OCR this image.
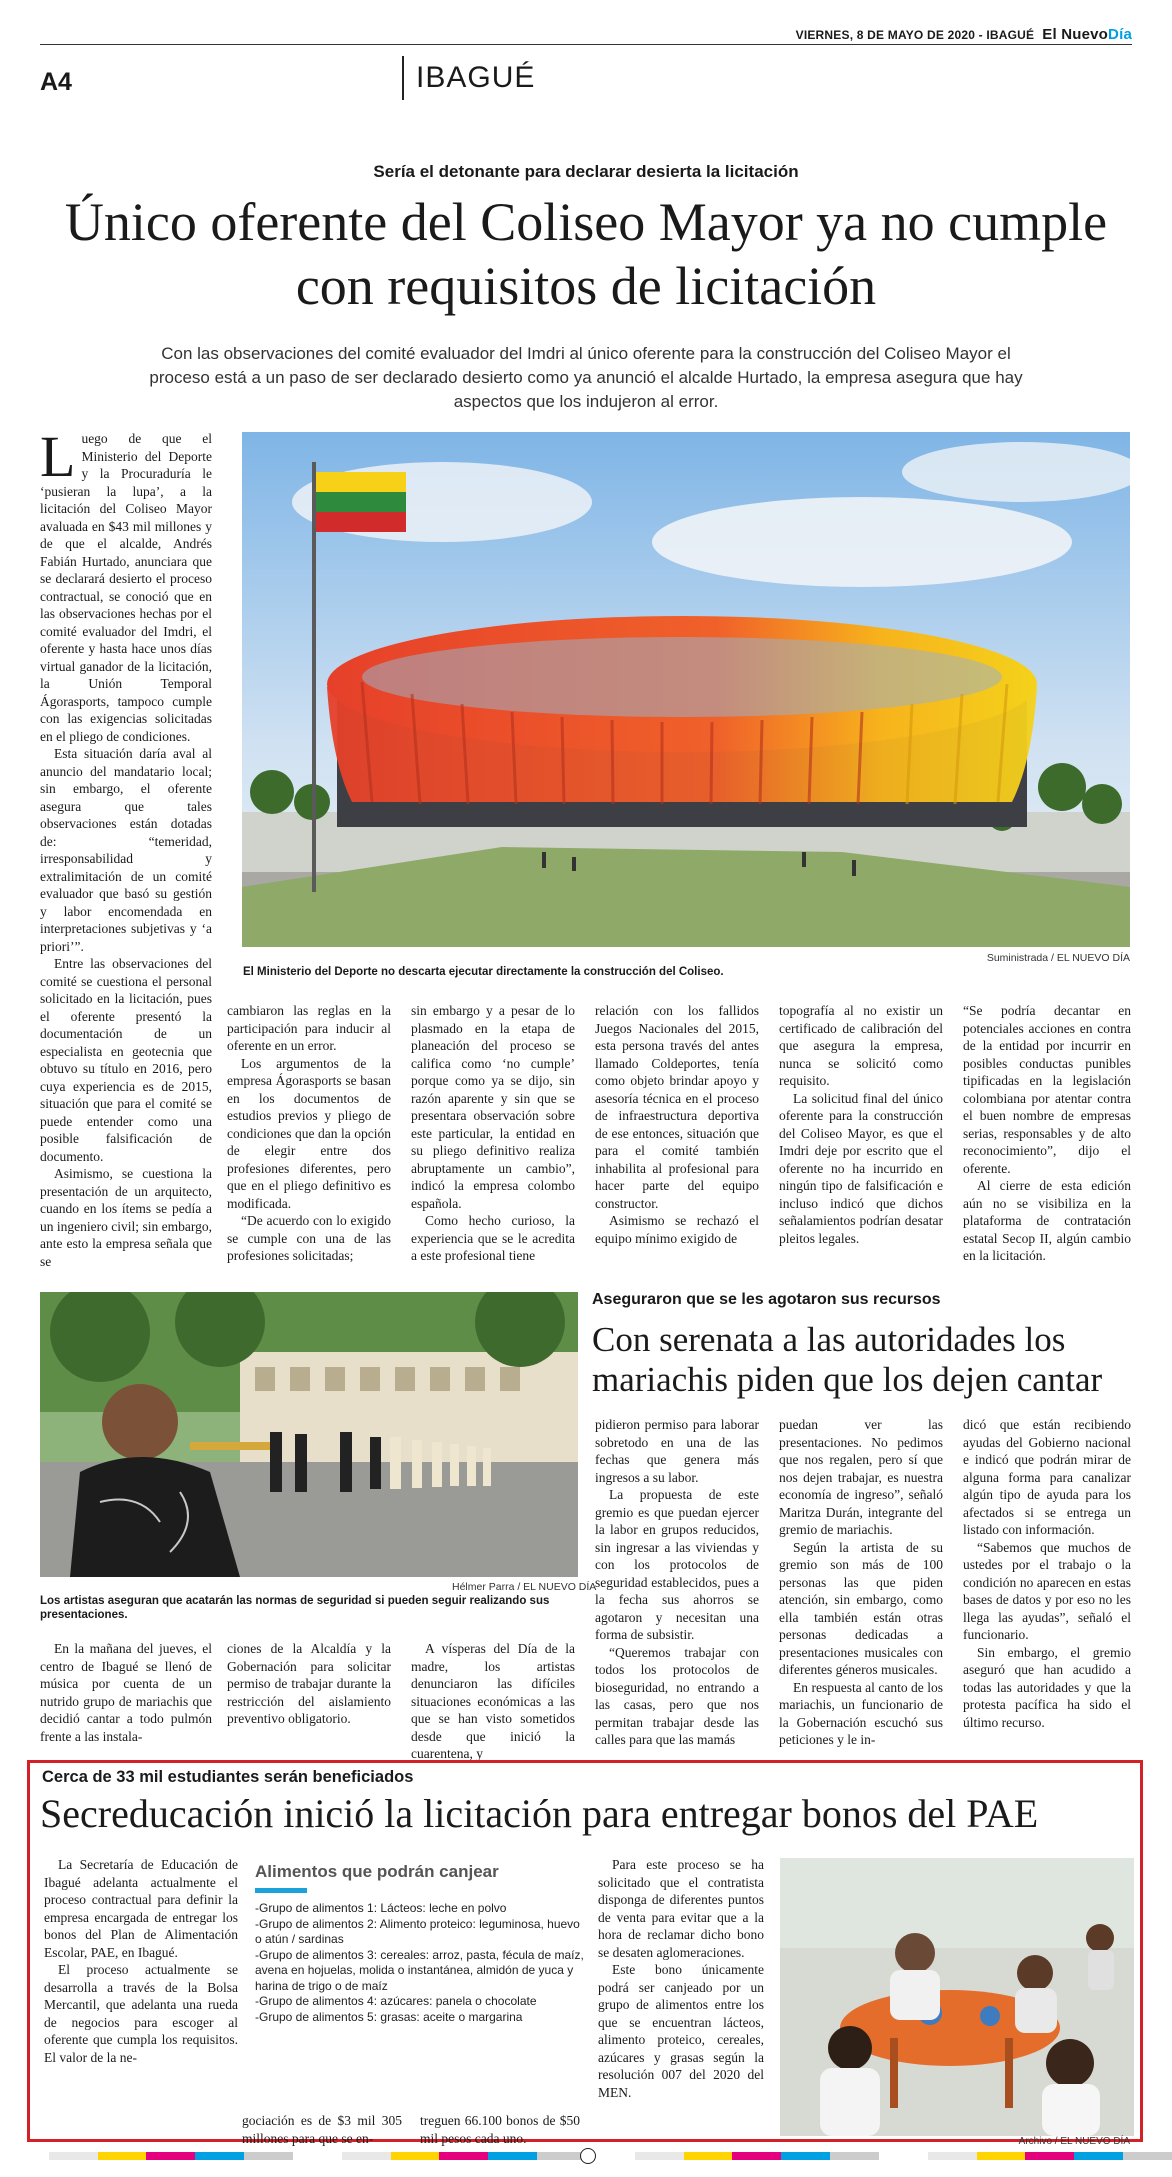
VIERNES, 8 DE MAYO DE 2020 - IBAGUÉ El NuevoDía
A4	IBAGUÉ
Sería el detonante para declarar desierta la licitación
Único oferente del Coliseo Mayor ya no cumple con requisitos de licitación
Con las observaciones del comité evaluador del Imdri al único oferente para la construcción del Coliseo Mayor el proceso está a un paso de ser declarado desierto como ya anunció el alcalde Hurtado, la empresa asegura que hay aspectos que los indujeron al error.

Luego de que el Ministerio del Deporte y la Procuraduría le ‘pusieran la lupa’, a la licitación del Coliseo Mayor avaluada en $43 mil millones y de que el alcalde, Andrés Fabián Hurtado, anunciara que se declarará desierto el proceso contractual, se conoció que en las observaciones hechas por el comité evaluador del Imdri, el oferente y hasta hace unos días virtual ganador de la licitación, la Unión Temporal Ágorasports, tampoco cumple con las exigencias solicitadas en el pliego de condiciones.

Esta situación daría aval al anuncio del mandatario local; sin embargo, el oferente asegura que tales observaciones están dotadas de: “temeridad, irresponsabilidad y extralimitación de un comité evaluador que basó su gestión y labor encomendada en interpretaciones subjetivas y ‘a priori’”.

Entre las observaciones del comité se cuestiona el personal solicitado en la licitación, pues el oferente presentó la documentación de un especialista en geotecnia que obtuvo su título en 2016, pero cuya experiencia es de 2015, situación que para el comité se puede entender como una posible falsificación de documento.

Asimismo, se cuestiona la presentación de un arquitecto, cuando en los ítems se pedía a un ingeniero civil; sin embargo, ante esto la empresa señala que se

Suministrada / EL NUEVO DÍA
El Ministerio del Deporte no descarta ejecutar directamente la construcción del Coliseo.

cambiaron las reglas en la participación para inducir al oferente en un error.

Los argumentos de la empresa Ágorasports se basan en los documentos de estudios previos y pliego de condiciones que dan la opción de elegir entre dos profesiones diferentes, pero que en el pliego definitivo es modificada.

“De acuerdo con lo exigido se cumple con una de las profesiones solicitadas;

sin embargo y a pesar de lo plasmado en la etapa de planeación del proceso se califica como ‘no cumple’ porque como ya se dijo, sin razón aparente y sin que se presentara observación sobre este particular, la entidad en su pliego definitivo realiza abruptamente un cambio”, indicó la empresa colombo española.

Como hecho curioso, la experiencia que se le acredita a este profesional tiene

relación con los fallidos Juegos Nacionales del 2015, esta persona través del antes llamado Coldeportes, tenía como objeto brindar apoyo y asesoría técnica en el proceso de infraestructura deportiva de ese entonces, situación que para el comité también inhabilita al profesional para hacer parte del equipo constructor.

Asimismo se rechazó el equipo mínimo exigido de

topografía al no existir un certificado de calibración del que asegura la empresa, nunca se solicitó como requisito.

La solicitud final del único oferente para la construcción del Coliseo Mayor, es que el Imdri deje por escrito que el oferente no ha incurrido en ningún tipo de falsificación e incluso indicó que dichos señalamientos podrían desatar pleitos legales.

“Se podría decantar en potenciales acciones en contra de la entidad por incurrir en posibles conductas punibles tipificadas en la legislación colombiana por atentar contra el buen nombre de empresas serias, responsables y de alto reconocimiento”, dijo el oferente.

Al cierre de esta edición aún no se visibiliza en la plataforma de contratación estatal Secop II, algún cambio en la licitación.

Hélmer Parra / EL NUEVO DÍA
Los artistas aseguran que acatarán las normas de seguridad si pueden seguir realizando sus presentaciones.
Aseguraron que se les agotaron sus recursos
Con serenata a las autoridades los mariachis piden que los dejen cantar

En la mañana del jueves, el centro de Ibagué se llenó de música por cuenta de un nutrido grupo de mariachis que decidió cantar a todo pulmón frente a las instala-

ciones de la Alcaldía y la Gobernación para solicitar permiso de trabajar durante la restricción del aislamiento preventivo obligatorio.

A vísperas del Día de la madre, los artistas denunciaron las difíciles situaciones económicas a las que se han visto sometidos desde que inició la cuarentena, y

pidieron permiso para laborar sobretodo en una de las fechas que genera más ingresos a su labor.

La propuesta de este gremio es que puedan ejercer la labor en grupos reducidos, sin ingresar a las viviendas y con los protocolos de seguridad establecidos, pues a la fecha sus ahorros se agotaron y necesitan una forma de subsistir.

“Queremos trabajar con todos los protocolos de bioseguridad, no entrando a las casas, pero que nos permitan trabajar desde las calles para que las mamás

puedan ver las presentaciones. No pedimos que nos regalen, pero sí que nos dejen trabajar, es nuestra economía de ingreso”, señaló Maritza Durán, integrante del gremio de mariachis.

Según la artista de su gremio son más de 100 personas las que piden atención, sin embargo, como ella también están otras personas dedicadas a presentaciones musicales con diferentes géneros musicales.

En respuesta al canto de los mariachis, un funcionario de la Gobernación escuchó sus peticiones y le in-

dicó que están recibiendo ayudas del Gobierno nacional e indicó que podrán mirar de alguna forma para canalizar algún tipo de ayuda para los afectados si se entrega un listado con información.

“Sabemos que muchos de ustedes por el trabajo o la condición no aparecen en estas bases de datos y por eso no les llega las ayudas”, señaló el funcionario.

Sin embargo, el gremio aseguró que han acudido a todas las autoridades y que la protesta pacífica ha sido el último recurso.

Cerca de 33 mil estudiantes serán beneficiados
Secreducación inició la licitación para entregar bonos del PAE

La Secretaría de Educación de Ibagué adelanta actualmente el proceso contractual para definir la empresa encargada de entregar los bonos del Plan de Alimentación Escolar, PAE, en Ibagué.

El proceso actualmente se desarrolla a través de la Bolsa Mercantil, que adelanta una rueda de negocios para escoger al oferente que cumpla los requisitos. El valor de la ne-

Alimentos que podrán canjear
-Grupo de alimentos 1: Lácteos: leche en polvo
-Grupo de alimentos 2: Alimento proteico: leguminosa, huevo o atún / sardinas
-Grupo de alimentos 3: cereales: arroz, pasta, fécula de maíz, avena en hojuelas, molida o instantánea, almidón de yuca y harina de trigo o de maíz
-Grupo de alimentos 4: azúcares: panela o chocolate
-Grupo de alimentos 5: grasas: aceite o margarina

gociación es de $3 mil 305 millones para que se en-

treguen 66.100 bonos de $50 mil pesos cada uno.

Para este proceso se ha solicitado que el contratista disponga de diferentes puntos de venta para evitar que a la hora de reclamar dicho bono se desaten aglomeraciones.

Este bono únicamente podrá ser canjeado por un grupo de alimentos entre los que se encuentran lácteos, alimento proteico, cereales, azúcares y grasas según la resolución 007 del 2020 del MEN.

Archivo / EL NUEVO DÍA
